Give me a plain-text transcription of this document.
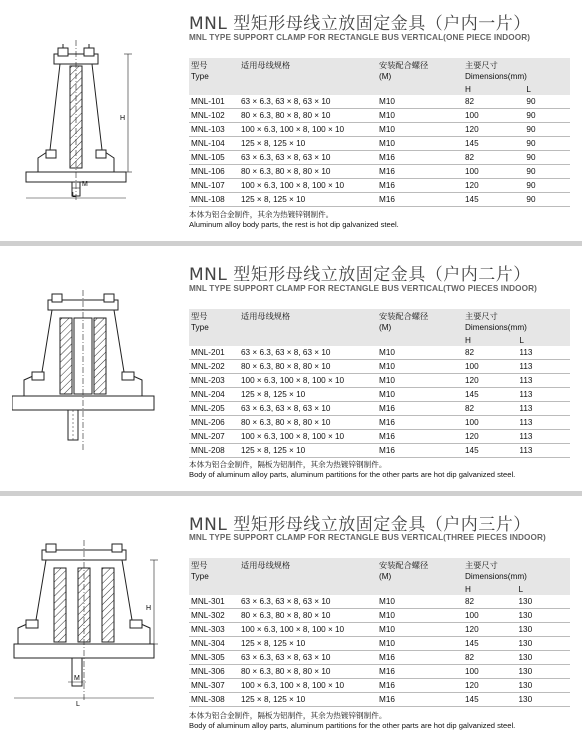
MNL 型矩形母线立放固定金具（户内一片）
MNL TYPE SUPPORT CLAMP FOR RECTANGLE BUS VERTICAL(ONE PIECE INDOOR)
H
M
L
型号
Type	适用母线规格	安装配合螺径
(M)	主要尺寸
Dimensions(mm)	
			H	L
MNL-101	63 × 6.3, 63 × 8, 63 × 10	M10	82	90
MNL-102	80 × 6.3, 80 × 8, 80 × 10	M10	100	90
MNL-103	100 × 6.3, 100 × 8, 100 × 10	M10	120	90
MNL-104	125 × 8, 125 × 10	M10	145	90
MNL-105	63 × 6.3, 63 × 8, 63 × 10	M16	82	90
MNL-106	80 × 6.3, 80 × 8, 80 × 10	M16	100	90
MNL-107	100 × 6.3, 100 × 8, 100 × 10	M16	120	90
MNL-108	125 × 8, 125 × 10	M16	145	90
本体为铝合金制件，其余为热镀锌钢制件。
Aluminum alloy body parts, the rest is hot dip galvanized steel.
MNL 型矩形母线立放固定金具（户内二片）
MNL TYPE SUPPORT CLAMP FOR RECTANGLE BUS VERTICAL(TWO PIECES INDOOR)
型号
Type	适用母线规格	安装配合螺径
(M)	主要尺寸
Dimensions(mm)	
			H	L
MNL-201	63 × 6.3, 63 × 8, 63 × 10	M10	82	113
MNL-202	80 × 6.3, 80 × 8, 80 × 10	M10	100	113
MNL-203	100 × 6.3, 100 × 8, 100 × 10	M10	120	113
MNL-204	125 × 8, 125 × 10	M10	145	113
MNL-205	63 × 6.3, 63 × 8, 63 × 10	M16	82	113
MNL-206	80 × 6.3, 80 × 8, 80 × 10	M16	100	113
MNL-207	100 × 6.3, 100 × 8, 100 × 10	M16	120	113
MNL-208	125 × 8, 125 × 10	M16	145	113
本体为铝合金制件，隔板为铝制件，其余为热镀锌钢制件。
Body of aluminum alloy parts, aluminum partitions for the other parts are hot dip galvanized steel.
MNL 型矩形母线立放固定金具（户内三片）
MNL TYPE SUPPORT CLAMP FOR RECTANGLE BUS VERTICAL(THREE PIECES INDOOR)
H
M
L
型号
Type	适用母线规格	安装配合螺径
(M)	主要尺寸
Dimensions(mm)	
			H	L
MNL-301	63 × 6.3, 63 × 8, 63 × 10	M10	82	130
MNL-302	80 × 6.3, 80 × 8, 80 × 10	M10	100	130
MNL-303	100 × 6.3, 100 × 8, 100 × 10	M10	120	130
MNL-304	125 × 8, 125 × 10	M10	145	130
MNL-305	63 × 6.3, 63 × 8, 63 × 10	M16	82	130
MNL-306	80 × 6.3, 80 × 8, 80 × 10	M16	100	130
MNL-307	100 × 6.3, 100 × 8, 100 × 10	M16	120	130
MNL-308	125 × 8, 125 × 10	M16	145	130
本体为铝合金制件，隔板为铝制件，其余为热镀锌钢制件。
Body of aluminum alloy parts, aluminum partitions for the other parts are hot dip galvanized steel.
